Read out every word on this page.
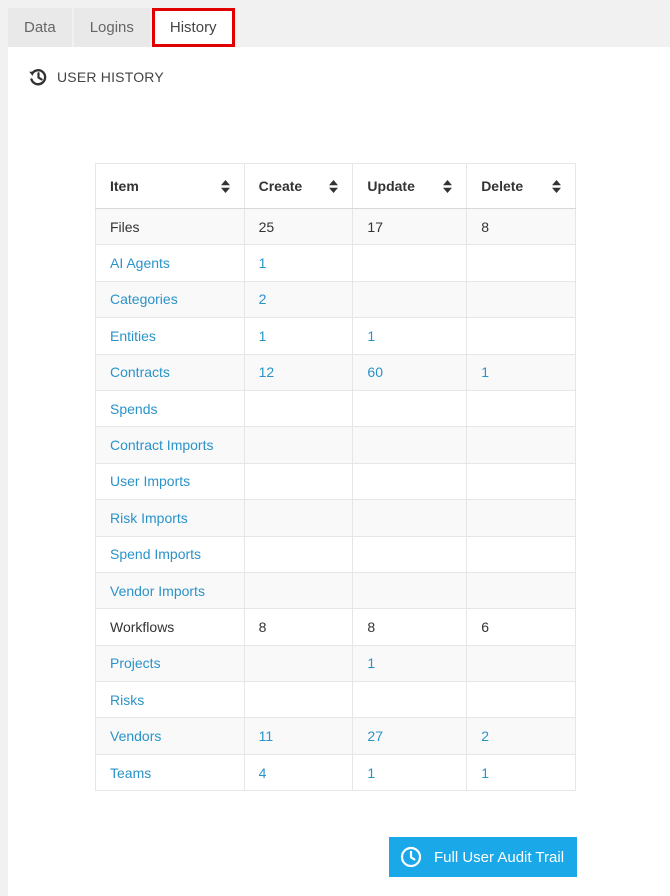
Data	Logins	History
USER HISTORY
Item	Create	Update	Delete

Files	25	17	8
AI Agents	1		
Categories	2		
Entities	1	1	
Contracts	12	60	1
Spends			
Contract Imports			
User Imports			
Risk Imports			
Spend Imports			
Vendor Imports			
Workflows	8	8	6
Projects		1	
Risks			
Vendors	11	27	2
Teams	4	1	1
Full User Audit Trail
